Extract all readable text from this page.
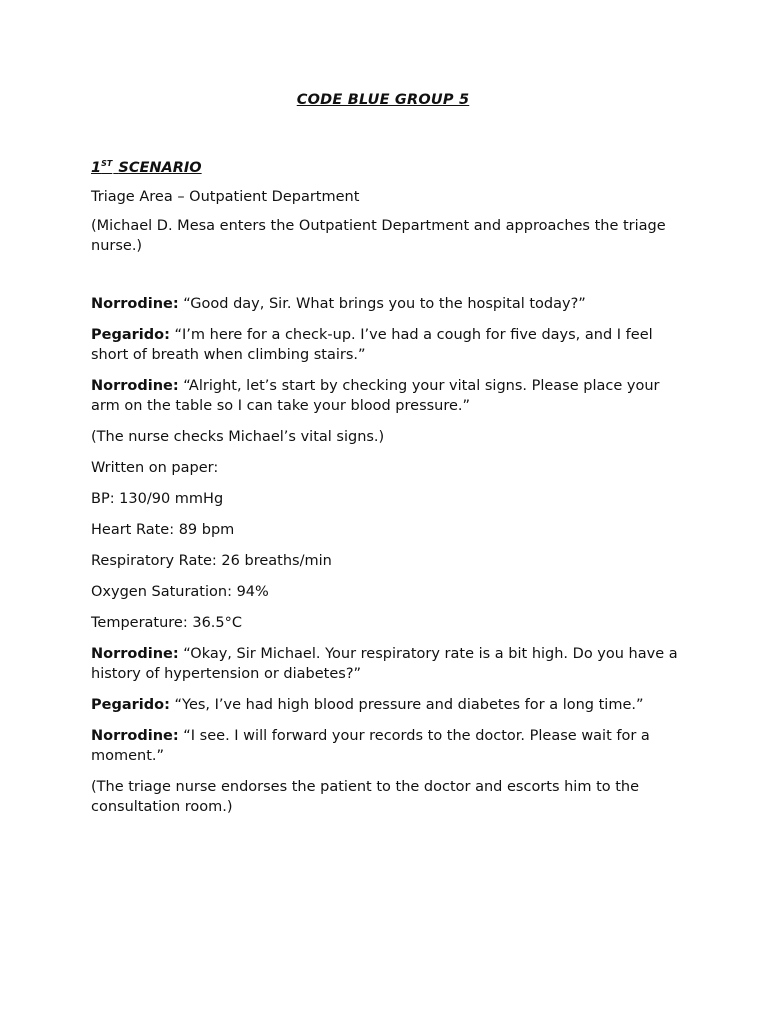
CODE BLUE GROUP 5
1ST SCENARIO

Triage Area – Outpatient Department

(Michael D. Mesa enters the Outpatient Department and approaches the triage nurse.)

Norrodine: “Good day, Sir. What brings you to the hospital today?”

Pegarido: “I’m here for a check-up. I’ve had a cough for five days, and I feel short of breath when climbing stairs.”

Norrodine: “Alright, let’s start by checking your vital signs. Please place your arm on the table so I can take your blood pressure.”

(The nurse checks Michael’s vital signs.)

Written on paper:

BP: 130/90 mmHg

Heart Rate: 89 bpm

Respiratory Rate: 26 breaths/min

Oxygen Saturation: 94%

Temperature: 36.5°C

Norrodine: “Okay, Sir Michael. Your respiratory rate is a bit high. Do you have a history of hypertension or diabetes?”

Pegarido: “Yes, I’ve had high blood pressure and diabetes for a long time.”

Norrodine: “I see. I will forward your records to the doctor. Please wait for a moment.”

(The triage nurse endorses the patient to the doctor and escorts him to the consultation room.)
